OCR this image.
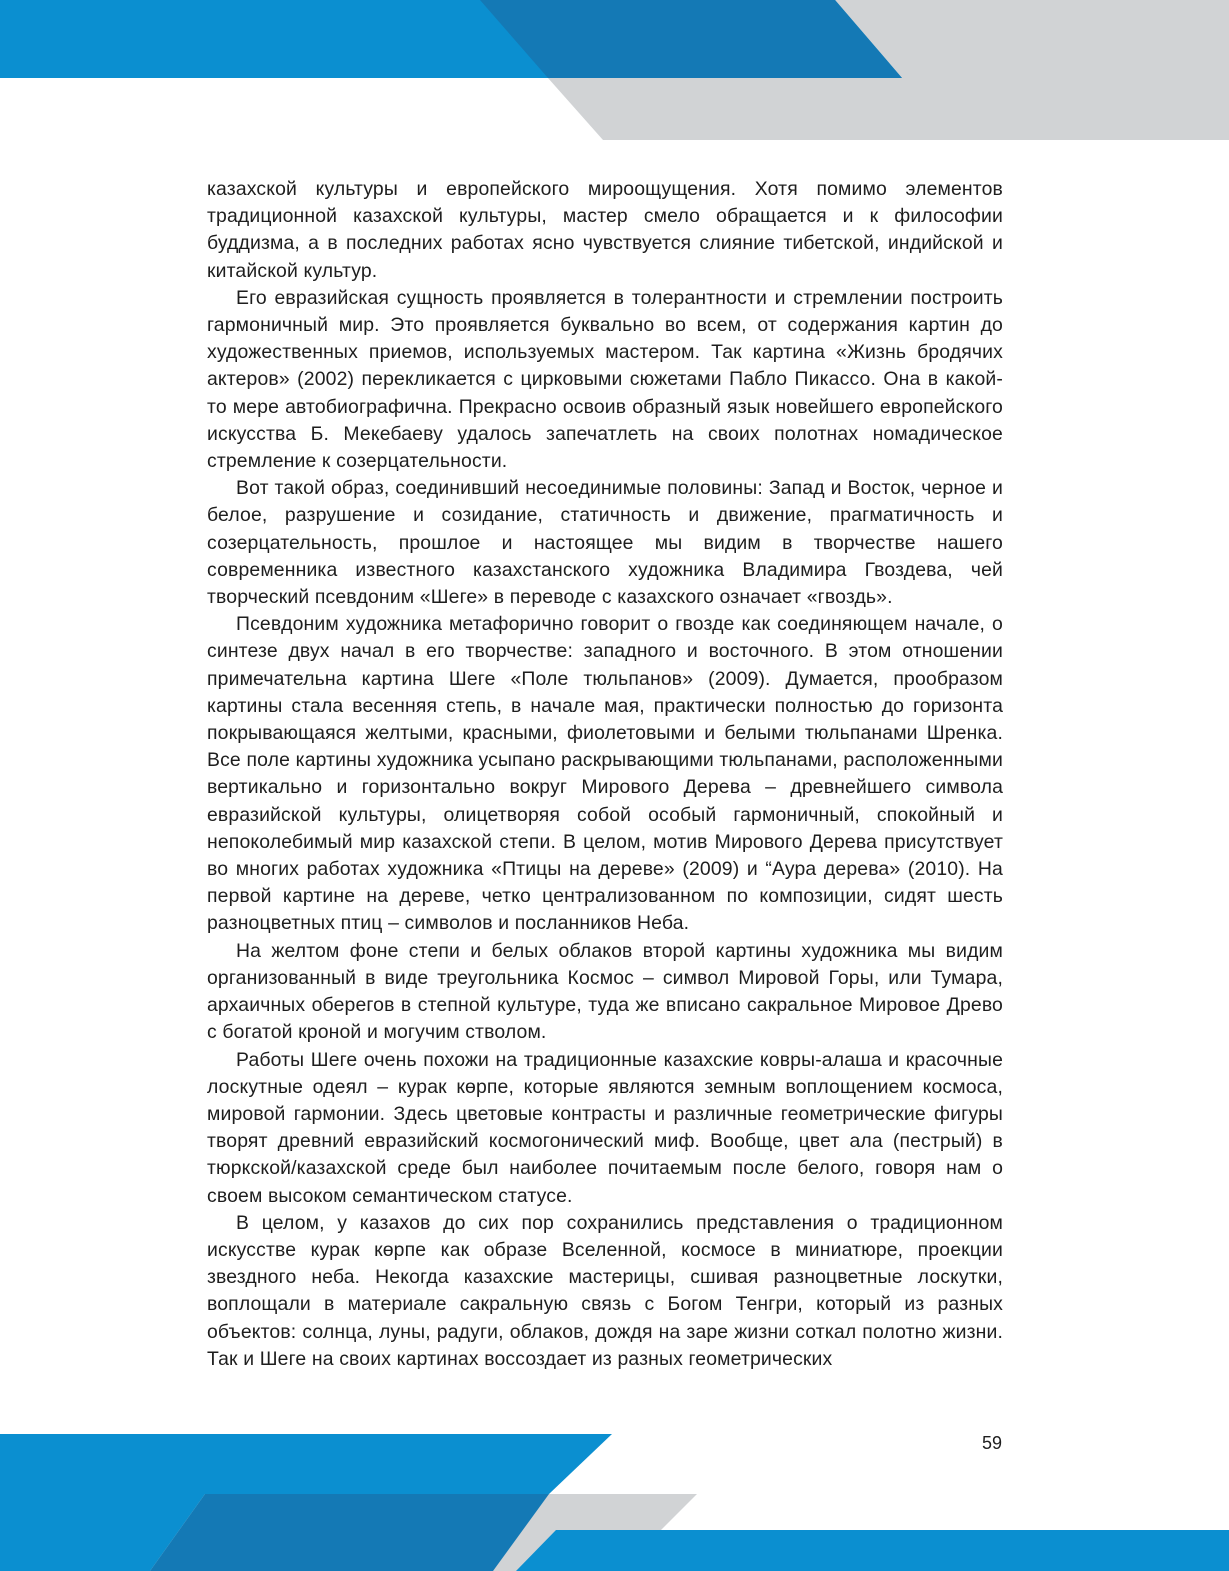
казахской культуры и европейского мироощущения. Хотя помимо элементов традиционной казахской культуры, мастер смело обращается и к философии буддизма, а в последних работах ясно чувствуется слияние тибетской, индийской и китайской культур.

Его евразийская сущность проявляется в толерантности и стремлении построить гармоничный мир. Это проявляется буквально во всем, от содержания картин до художественных приемов, используемых мастером. Так картина «Жизнь бродячих актеров» (2002) перекликается с цирковыми сюжетами Пабло Пикассо. Она в какой-то мере автобиографична. Прекрасно освоив образный язык новейшего европейского искусства Б. Мекебаеву удалось запечатлеть на своих полотнах номадическое стремление к созерцательности.

Вот такой образ, соединивший несоединимые половины: Запад и Восток, черное и белое, разрушение и созидание, статичность и движение, прагматичность и созерцательность, прошлое и настоящее мы видим в творчестве нашего современника известного казахстанского художника Владимира Гвоздева, чей творческий псевдоним «Шеге» в переводе с казахского означает «гвоздь».

Псевдоним художника метафорично говорит о гвозде как соединяющем начале, о синтезе двух начал в его творчестве: западного и восточного. В этом отношении примечательна картина Шеге «Поле тюльпанов» (2009). Думается, прообразом картины стала весенняя степь, в начале мая, практически полностью до горизонта покрывающаяся желтыми, красными, фиолетовыми и белыми тюльпанами Шренка. Все поле картины художника усыпано раскрывающими тюльпанами, расположенными вертикально и горизонтально вокруг Мирового Дерева – древнейшего символа евразийской культуры, олицетворяя собой особый гармоничный, спокойный и непоколебимый мир казахской степи. В целом, мотив Мирового Дерева присутствует во многих работах художника «Птицы на дереве» (2009) и “Аура дерева» (2010). На первой картине на дереве, четко централизованном по композиции, сидят шесть разноцветных птиц – символов и посланников Неба.

На желтом фоне степи и белых облаков второй картины художника мы видим организованный в виде треугольника Космос – символ Мировой Горы, или Тумара, архаичных оберегов в степной культуре, туда же вписано сакральное Мировое Древо с богатой кроной и могучим стволом.

Работы Шеге очень похожи на традиционные казахские ковры-алаша и красочные лоскутные одеял – курак көрпе, которые являются земным воплощением космоса, мировой гармонии. Здесь цветовые контрасты и различные геометрические фигуры творят древний евразийский космогонический миф. Вообще, цвет ала (пестрый) в тюркской/казахской среде был наиболее почитаемым после белого, говоря нам о своем высоком семантическом статусе.

В целом, у казахов до сих пор сохранились представления о традиционном искусстве курак көрпе как образе Вселенной, космосе в миниатюре, проекции звездного неба. Некогда казахские мастерицы, сшивая разноцветные лоскутки, воплощали в материале сакральную связь с Богом Тенгри, который из разных объектов: солнца, луны, радуги, облаков, дождя на заре жизни соткал полотно жизни. Так и Шеге на своих картинах воссоздает из разных геометрических

59
